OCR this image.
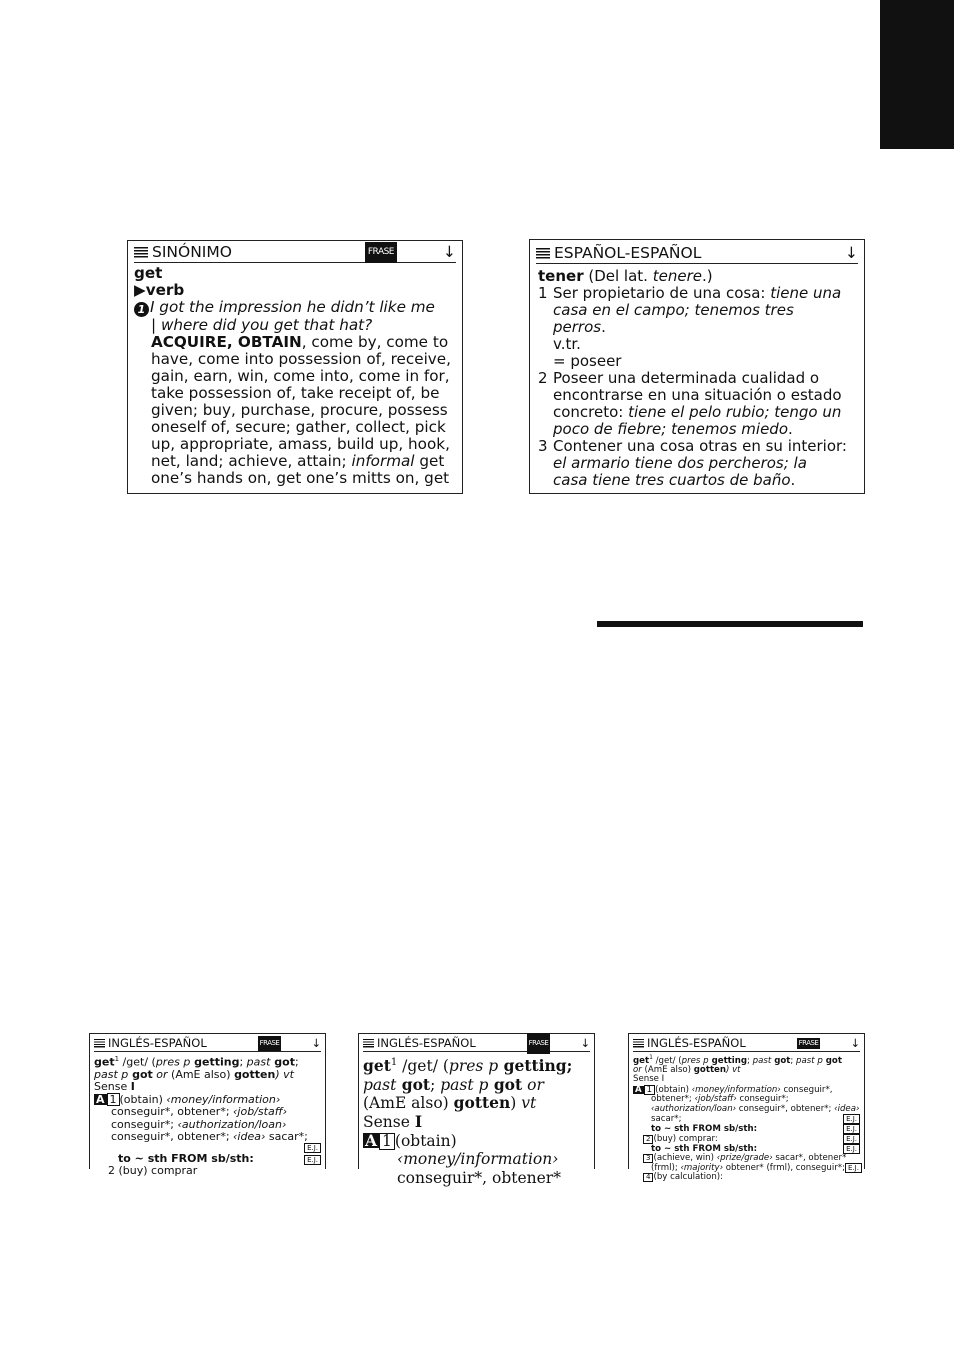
SINÓNIMO	FRASE	↓
get
▶verb
1 I got the impression he didn’t like me
| where did you get that hat?
ACQUIRE, OBTAIN, come by, come to
have, come into possession of, receive,
gain, earn, win, come into, come in for,
take possession of, take receipt of, be
given; buy, purchase, procure, possess
oneself of, secure; gather, collect, pick
up, appropriate, amass, build up, hook,
net, land; achieve, attain; informal get
one’s hands on, get one’s mitts on, get
ESPAÑOL-ESPAÑOL	↓
tener (Del lat. tenere.)
1 Ser propietario de una cosa: tiene una
casa en el campo; tenemos tres
perros.
v.tr.
= poseer
2 Poseer una determinada cualidad o
encontrarse en una situación o estado
concreto: tiene el pelo rubio; tengo un
poco de fiebre; tenemos miedo.
3 Contener una cosa otras en su interior:
el armario tiene dos percheros; la
casa tiene tres cuartos de baño.
INGLÉS-ESPAÑOL	FRASE	↓
get$^1$ /get/ (pres p getting; past got;
past p got or (AmE also) gotten) vt
Sense I
A 1 (obtain) ‹money/information›
conseguir*, obtener*; ‹job/staff›
conseguir*; ‹authorization/loan›
conseguir*, obtener*; ‹idea› sacar*;
E.J.
to ~ sth FROM sb/sth:	E.J.
2 (buy) comprar
INGLÉS-ESPAÑOL	FRASE	↓
get$^1$ /get/ (pres p getting;
past got; past p got or
(AmE also) gotten) vt
Sense I
A 1 (obtain)
‹money/information›
conseguir*, obtener*
INGLÉS-ESPAÑOL	FRASE	↓
get$^1$ /get/ (pres p getting; past got; past p got
or (AmE also) gotten) vt
Sense I
A 1 (obtain) ‹money/information› conseguir*,
obtener*; ‹job/staff› conseguir*;
‹authorization/loan› conseguir*, obtener*; ‹idea›
sacar*;	E.J.
to ~ sth FROM sb/sth:	E.J.
2 (buy) comprar:	E.J.
to ~ sth FROM sb/sth:	E.J.
3 (achieve, win) ‹prize/grade› sacar*, obtener*
(frml); ‹majority› obtener* (frml), conseguir*; E.J.
4 (by calculation):
